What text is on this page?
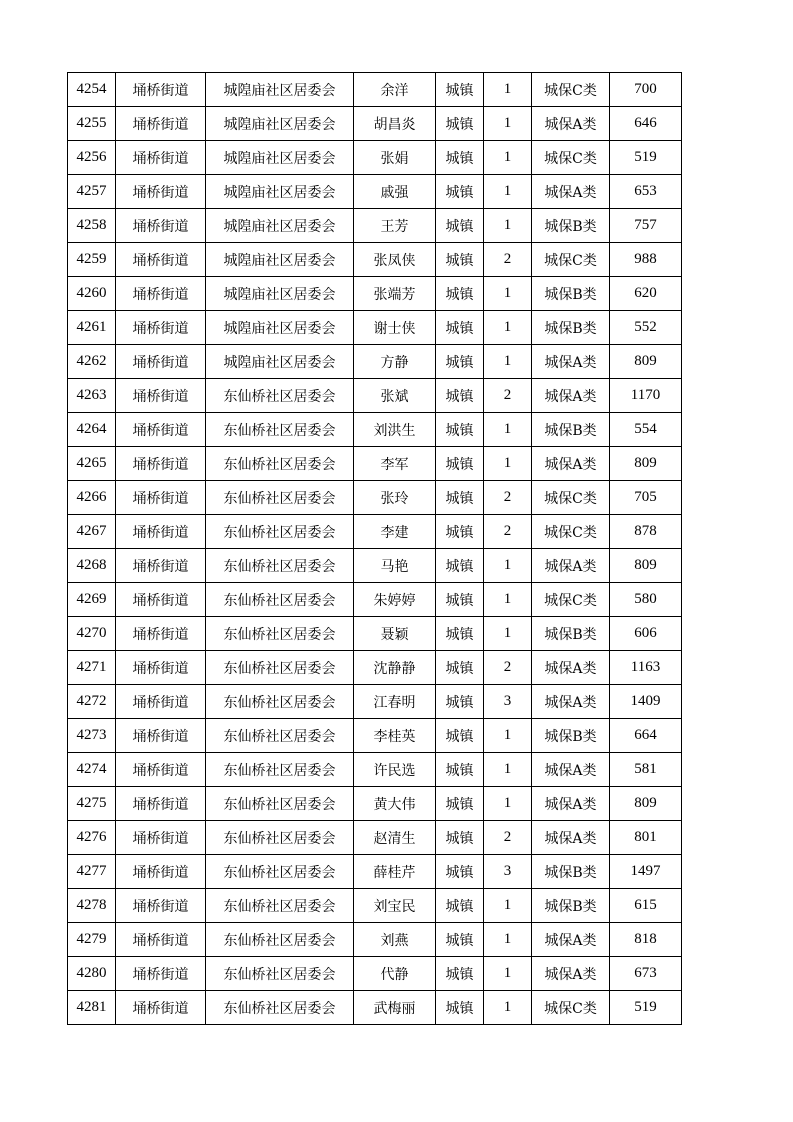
4254	埇桥街道	城隍庙社区居委会	余洋	城镇	1	城保C类	700
4255	埇桥街道	城隍庙社区居委会	胡昌炎	城镇	1	城保A类	646
4256	埇桥街道	城隍庙社区居委会	张娟	城镇	1	城保C类	519
4257	埇桥街道	城隍庙社区居委会	戚强	城镇	1	城保A类	653
4258	埇桥街道	城隍庙社区居委会	王芳	城镇	1	城保B类	757
4259	埇桥街道	城隍庙社区居委会	张凤侠	城镇	2	城保C类	988
4260	埇桥街道	城隍庙社区居委会	张端芳	城镇	1	城保B类	620
4261	埇桥街道	城隍庙社区居委会	谢士侠	城镇	1	城保B类	552
4262	埇桥街道	城隍庙社区居委会	方静	城镇	1	城保A类	809
4263	埇桥街道	东仙桥社区居委会	张斌	城镇	2	城保A类	1170
4264	埇桥街道	东仙桥社区居委会	刘洪生	城镇	1	城保B类	554
4265	埇桥街道	东仙桥社区居委会	李军	城镇	1	城保A类	809
4266	埇桥街道	东仙桥社区居委会	张玲	城镇	2	城保C类	705
4267	埇桥街道	东仙桥社区居委会	李建	城镇	2	城保C类	878
4268	埇桥街道	东仙桥社区居委会	马艳	城镇	1	城保A类	809
4269	埇桥街道	东仙桥社区居委会	朱婷婷	城镇	1	城保C类	580
4270	埇桥街道	东仙桥社区居委会	聂颖	城镇	1	城保B类	606
4271	埇桥街道	东仙桥社区居委会	沈静静	城镇	2	城保A类	1163
4272	埇桥街道	东仙桥社区居委会	江春明	城镇	3	城保A类	1409
4273	埇桥街道	东仙桥社区居委会	李桂英	城镇	1	城保B类	664
4274	埇桥街道	东仙桥社区居委会	许民选	城镇	1	城保A类	581
4275	埇桥街道	东仙桥社区居委会	黄大伟	城镇	1	城保A类	809
4276	埇桥街道	东仙桥社区居委会	赵清生	城镇	2	城保A类	801
4277	埇桥街道	东仙桥社区居委会	薛桂芹	城镇	3	城保B类	1497
4278	埇桥街道	东仙桥社区居委会	刘宝民	城镇	1	城保B类	615
4279	埇桥街道	东仙桥社区居委会	刘燕	城镇	1	城保A类	818
4280	埇桥街道	东仙桥社区居委会	代静	城镇	1	城保A类	673
4281	埇桥街道	东仙桥社区居委会	武梅丽	城镇	1	城保C类	519
